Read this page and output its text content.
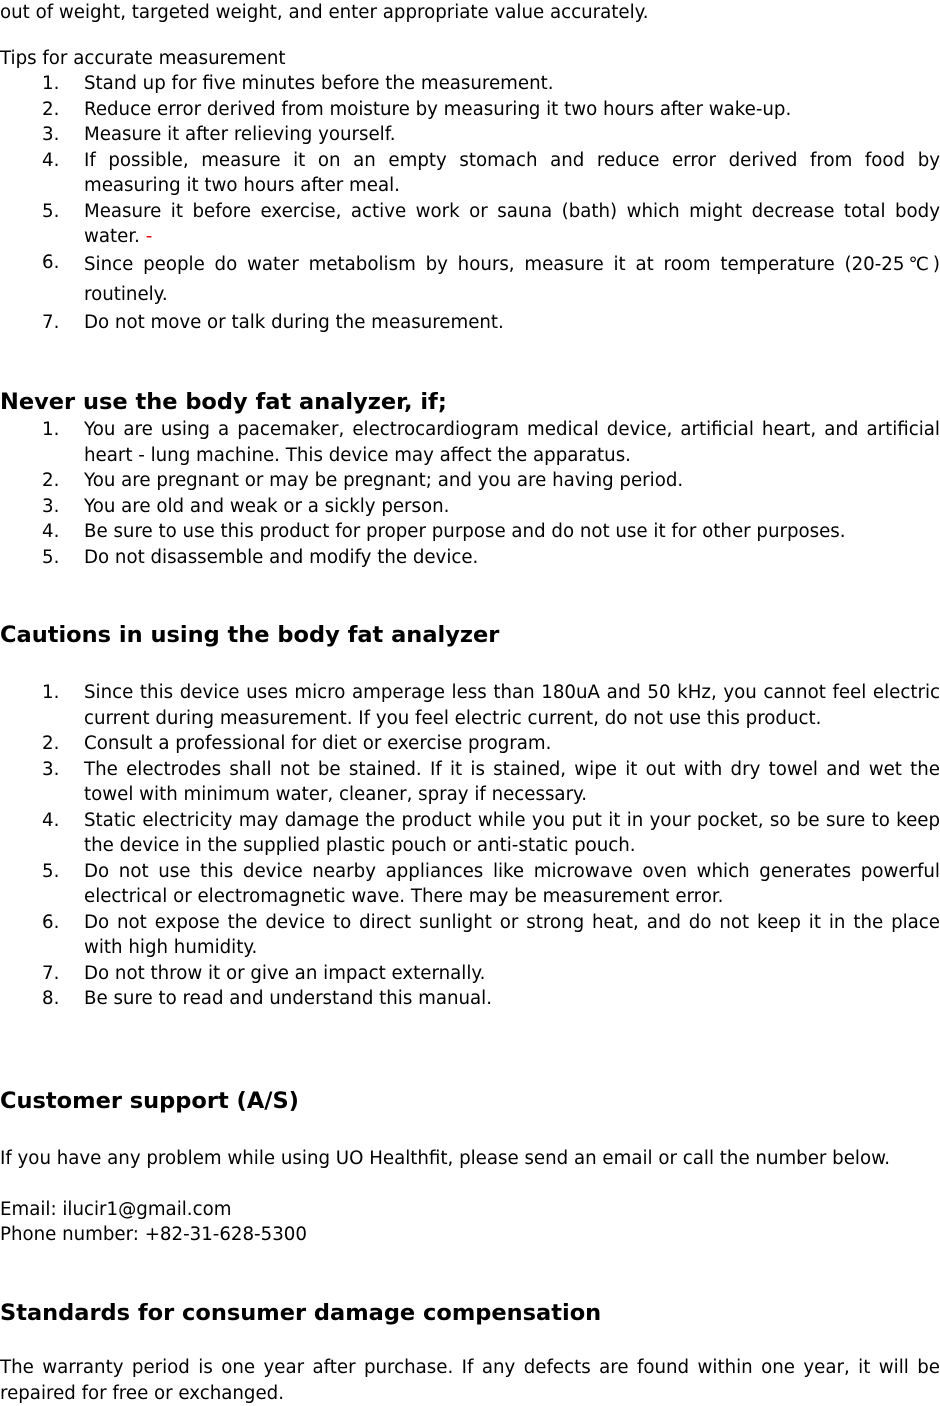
out of weight, targeted weight, and enter appropriate value accurately.

Tips for accurate measurement

1. Stand up for five minutes before the measurement.
2. Reduce error derived from moisture by measuring it two hours after wake-up.
3. Measure it after relieving yourself.
4. If possible, measure it on an empty stomach and reduce error derived from food by measuring it two hours after meal.
5. Measure it before exercise, active work or sauna (bath) which might decrease total body water. -
6. Since people do water metabolism by hours, measure it at room temperature (20-25℃) routinely.
7. Do not move or talk during the measurement.
Never use the body fat analyzer, if;
1. You are using a pacemaker, electrocardiogram medical device, artificial heart, and artificial heart - lung machine. This device may affect the apparatus.
2. You are pregnant or may be pregnant; and you are having period.
3. You are old and weak or a sickly person.
4. Be sure to use this product for proper purpose and do not use it for other purposes.
5. Do not disassemble and modify the device.
Cautions in using the body fat analyzer
1. Since this device uses micro amperage less than 180uA and 50 kHz, you cannot feel electric current during measurement. If you feel electric current, do not use this product.
2. Consult a professional for diet or exercise program.
3. The electrodes shall not be stained. If it is stained, wipe it out with dry towel and wet the towel with minimum water, cleaner, spray if necessary.
4. Static electricity may damage the product while you put it in your pocket, so be sure to keep the device in the supplied plastic pouch or anti-static pouch.
5. Do not use this device nearby appliances like microwave oven which generates powerful electrical or electromagnetic wave. There may be measurement error.
6. Do not expose the device to direct sunlight or strong heat, and do not keep it in the place with high humidity.
7. Do not throw it or give an impact externally.
8. Be sure to read and understand this manual.
Customer support (A/S)

If you have any problem while using UO Healthfit, please send an email or call the number below.

Email: ilucir1@gmail.com

Phone number: +82-31-628-5300

Standards for consumer damage compensation

The warranty period is one year after purchase. If any defects are found within one year, it will be repaired for free or exchanged.
